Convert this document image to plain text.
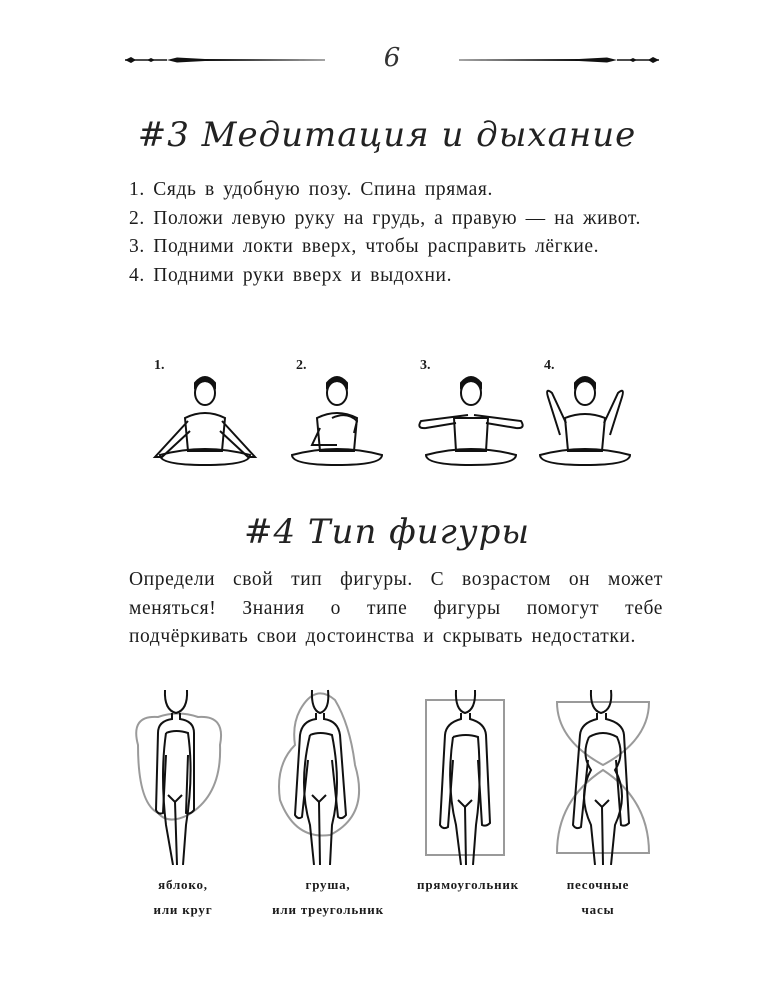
6
#3 Медитация и дыхание

1. Сядь в удобную позу. Спина прямая.

2. Положи левую руку на грудь, а правую — на живот.

3. Подними локти вверх, чтобы расправить лёгкие.

4. Подними руки вверх и выдохни.

1.	2.	3.	4.
#4 Тип фигуры
Определи свой тип фигуры. С возрастом он может меняться! Знания о типе фигуры помогут тебе подчёркивать свои достоинства и скрывать недостатки.
яблоко,
или круг
груша,
или треугольник
прямоугольник	песочные
часы
